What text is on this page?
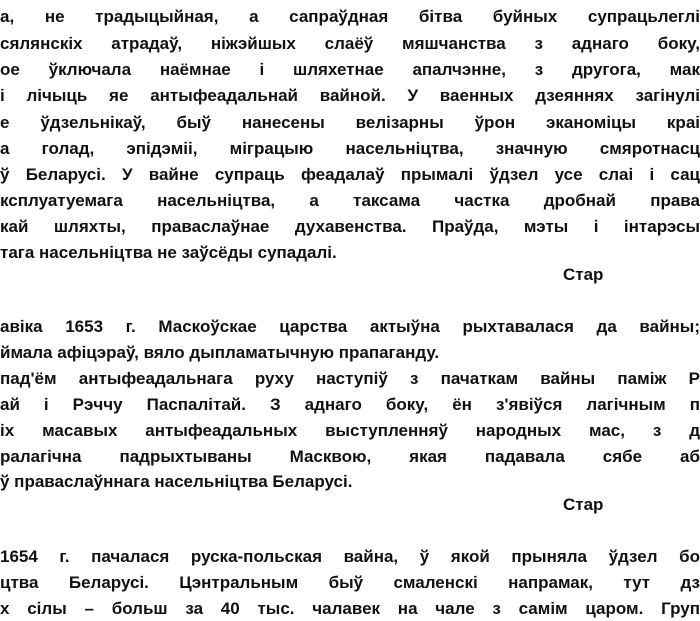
а, не традыцыйная, а сапраўдная бітва буйных супрацьлеглі
сялянскіх атрадаў, ніжэйшых слаёў мяшчанства з аднаго боку,
ое ўключала наёмнае і шляхетнае апалчэнне, з другога, мак
і лічыць яе антыфеадальнай вайной. У ваенных дзеяннях загінулі
е ўдзельнікаў, быў нанесены велізарны ўрон эканоміцы краі
а голад, эпідэміі, міграцыю насельніцтва, значную смяротнасц
ў Беларусі. У вайне супраць феадалаў прымалі ўдзел усе слаі і сац
ксплуатуемага насельніцтва, а таксама частка дробнай права
кай шляхты, праваслаўнае духавенства. Праўда, мэты і інтарэсы
тага насельніцтва не заўсёды супадалі.
Стар
авіка 1653 г. Маскоўскае царства актыўна рыхтавалася да вайны;
ймала афіцэраў, вяло дыпламатычную прапаганду.
пад'ём антыфеадальнага руху наступіў з пачаткам вайны паміж Р
ай і Рэччу Паспалітай. З аднаго боку, ён з'явіўся лагічным п
іх масавых антыфеадальных выступленняў народных мас, з д
ралагічна падрыхтываны Масквою, якая падавала сябе аб
ў праваслаўннага насельніцтва Беларусі.
Стар
1654 г. пачалася руска-польская вайна, ў якой прыняла ўдзел бо
цтва Беларусі. Цэнтральным быў смаленскі напрамак, тут дз
х сілы – больш за 40 тыс. чалавек на чале з самім царом. Груп
